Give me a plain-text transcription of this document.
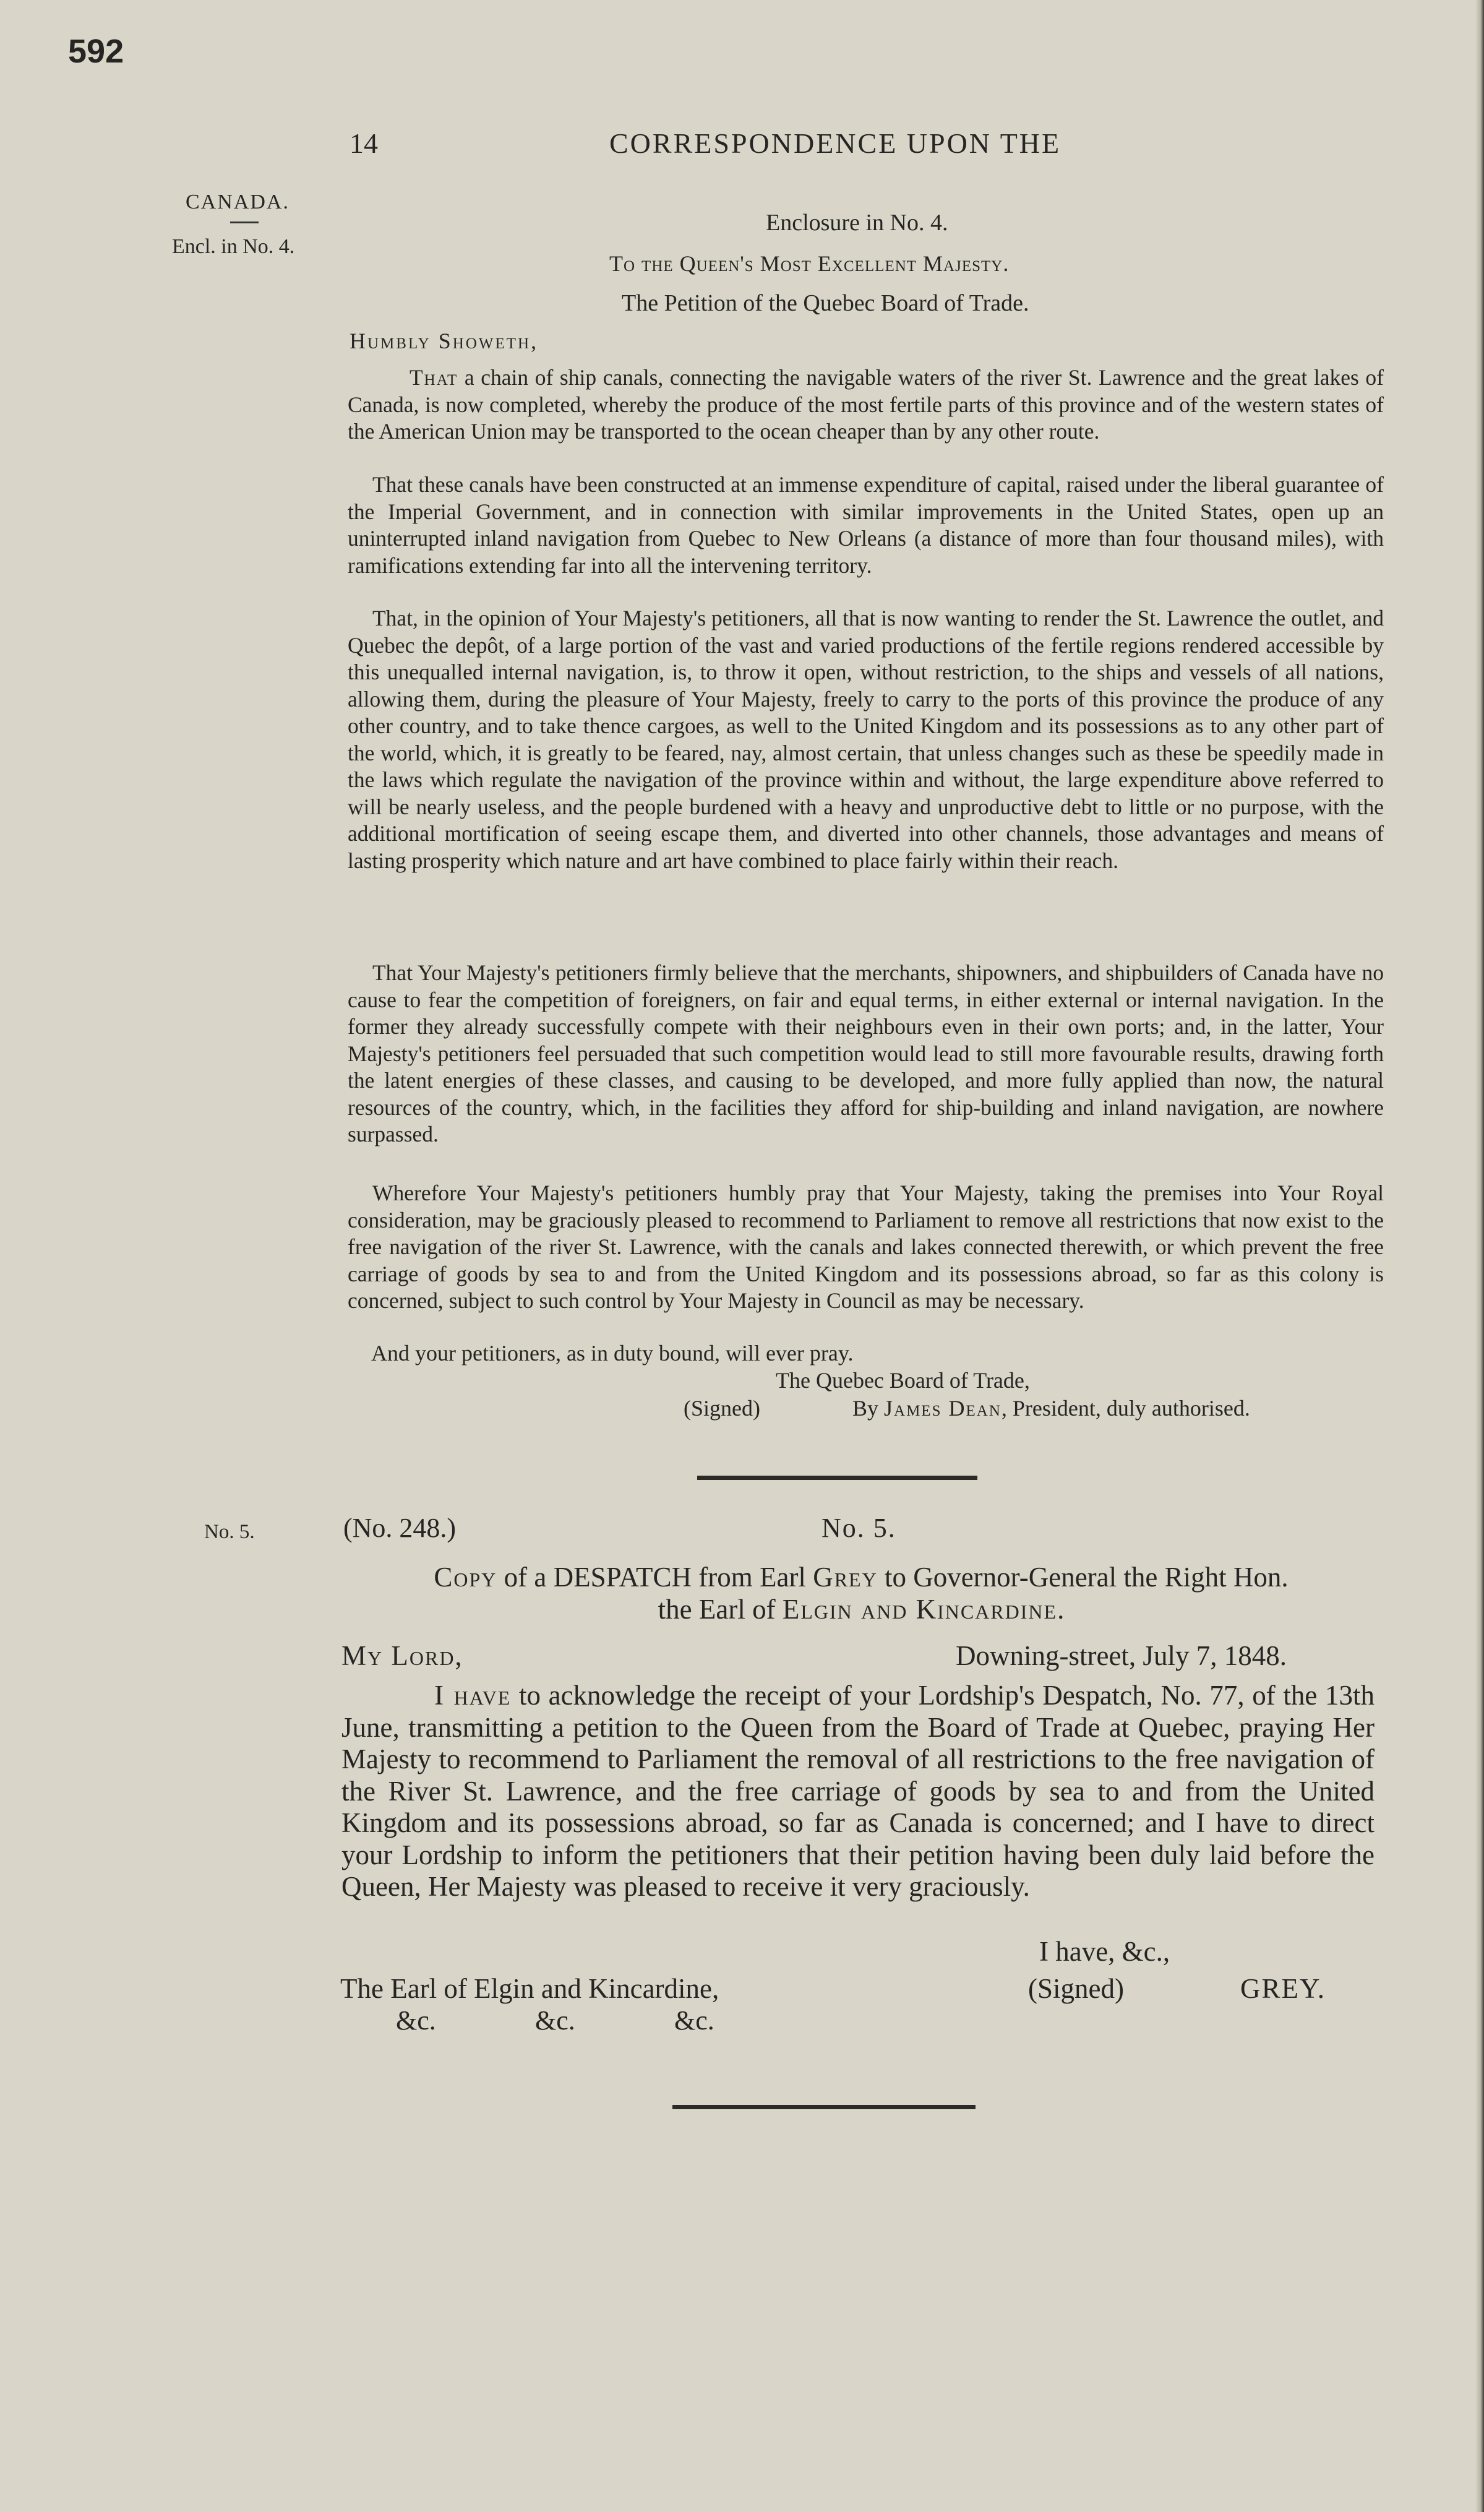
592
14	CORRESPONDENCE UPON THE
CANADA.
Encl. in No. 4.
No. 5.
Enclosure in No. 4.
To the Queen's Most Excellent Majesty.
The Petition of the Quebec Board of Trade.
Humbly Showeth,

That a chain of ship canals, connecting the navigable waters of the river St. Lawrence and the great lakes of Canada, is now completed, whereby the produce of the most fertile parts of this province and of the western states of the American Union may be transported to the ocean cheaper than by any other route.

That these canals have been constructed at an immense expenditure of capital, raised under the liberal guarantee of the Imperial Government, and in connection with similar improvements in the United States, open up an uninterrupted inland navigation from Quebec to New Orleans (a distance of more than four thousand miles), with ramifications extending far into all the intervening territory.

That, in the opinion of Your Majesty's petitioners, all that is now wanting to render the St. Lawrence the outlet, and Quebec the depôt, of a large portion of the vast and varied productions of the fertile regions rendered accessible by this unequalled internal navigation, is, to throw it open, without restriction, to the ships and vessels of all nations, allowing them, during the pleasure of Your Majesty, freely to carry to the ports of this province the produce of any other country, and to take thence cargoes, as well to the United Kingdom and its possessions as to any other part of the world, which, it is greatly to be feared, nay, almost certain, that unless changes such as these be speedily made in the laws which regulate the navigation of the province within and without, the large expenditure above referred to will be nearly useless, and the people burdened with a heavy and unproductive debt to little or no purpose, with the additional mortification of seeing escape them, and diverted into other channels, those advantages and means of lasting prosperity which nature and art have combined to place fairly within their reach.

That Your Majesty's petitioners firmly believe that the merchants, shipowners, and shipbuilders of Canada have no cause to fear the competition of foreigners, on fair and equal terms, in either external or internal navigation. In the former they already successfully compete with their neighbours even in their own ports; and, in the latter, Your Majesty's petitioners feel persuaded that such competition would lead to still more favourable results, drawing forth the latent energies of these classes, and causing to be developed, and more fully applied than now, the natural resources of the country, which, in the facilities they afford for ship-building and inland navigation, are nowhere surpassed.

Wherefore Your Majesty's petitioners humbly pray that Your Majesty, taking the premises into Your Royal consideration, may be graciously pleased to recommend to Parliament to remove all restrictions that now exist to the free navigation of the river St. Lawrence, with the canals and lakes connected therewith, or which prevent the free carriage of goods by sea to and from the United Kingdom and its possessions abroad, so far as this colony is concerned, subject to such control by Your Majesty in Council as may be necessary.

And your petitioners, as in duty bound, will ever pray.
The Quebec Board of Trade,
(Signed)	By James Dean, President, duly authorised.
(No. 248.)	No. 5.
Copy of a DESPATCH from Earl Grey to Governor-General the Right Hon.
the Earl of Elgin and Kincardine.
My Lord,	Downing-street, July 7, 1848.

I have to acknowledge the receipt of your Lordship's Despatch, No. 77, of the 13th June, transmitting a petition to the Queen from the Board of Trade at Quebec, praying Her Majesty to recommend to Parliament the removal of all restrictions to the free navigation of the River St. Lawrence, and the free carriage of goods by sea to and from the United Kingdom and its possessions abroad, so far as Canada is concerned; and I have to direct your Lordship to inform the petitioners that their petition having been duly laid before the Queen, Her Majesty was pleased to receive it very graciously.

I have, &c.,
The Earl of Elgin and Kincardine,	(Signed)	GREY.
&c.	&c.	&c.
